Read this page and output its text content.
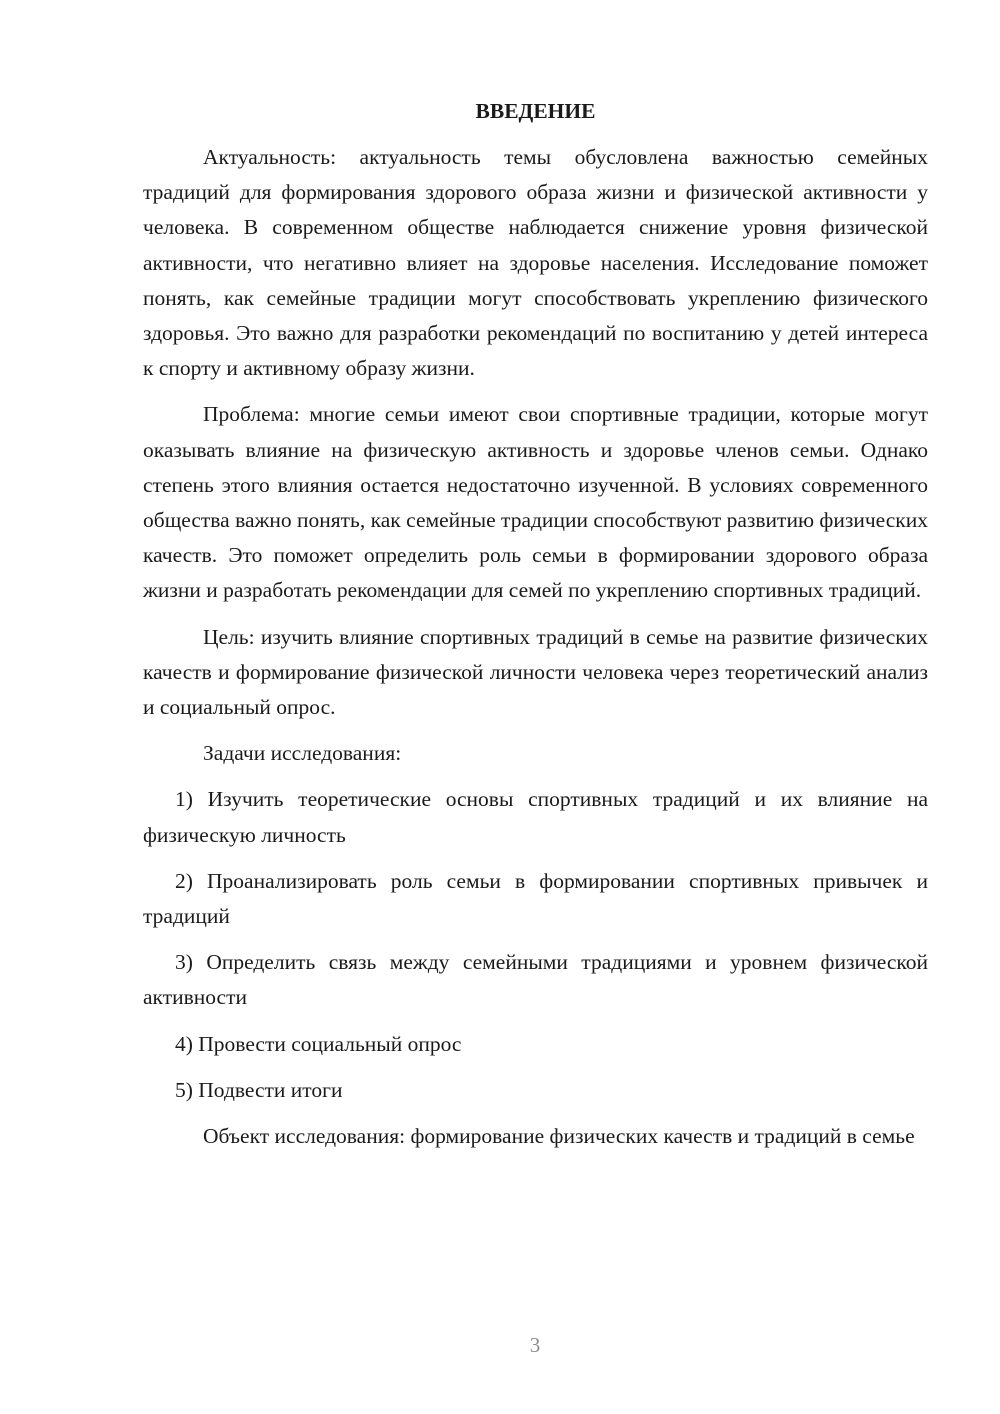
ВВЕДЕНИЕ

Актуальность: актуальность темы обусловлена важностью семейных традиций для формирования здорового образа жизни и физической активности у человека. В современном обществе наблюдается снижение уровня физической активности, что негативно влияет на здоровье населения. Исследование поможет понять, как семейные традиции могут способствовать укреплению физического здоровья. Это важно для разработки рекомендаций по воспитанию у детей интереса к спорту и активному образу жизни.

Проблема: многие семьи имеют свои спортивные традиции, которые могут оказывать влияние на физическую активность и здоровье членов семьи. Однако степень этого влияния остается недостаточно изученной. В условиях современного общества важно понять, как семейные традиции способствуют развитию физических качеств. Это поможет определить роль семьи в формировании здорового образа жизни и разработать рекомендации для семей по укреплению спортивных традиций.

Цель: изучить влияние спортивных традиций в семье на развитие физических качеств и формирование физической личности человека через теоретический анализ и социальный опрос.

Задачи исследования:

1) Изучить теоретические основы спортивных традиций и их влияние на физическую личность

2) Проанализировать роль семьи в формировании спортивных привычек и традиций

3) Определить связь между семейными традициями и уровнем физической активности

4) Провести социальный опрос

5) Подвести итоги

Объект исследования: формирование физических качеств и традиций в семье

3
